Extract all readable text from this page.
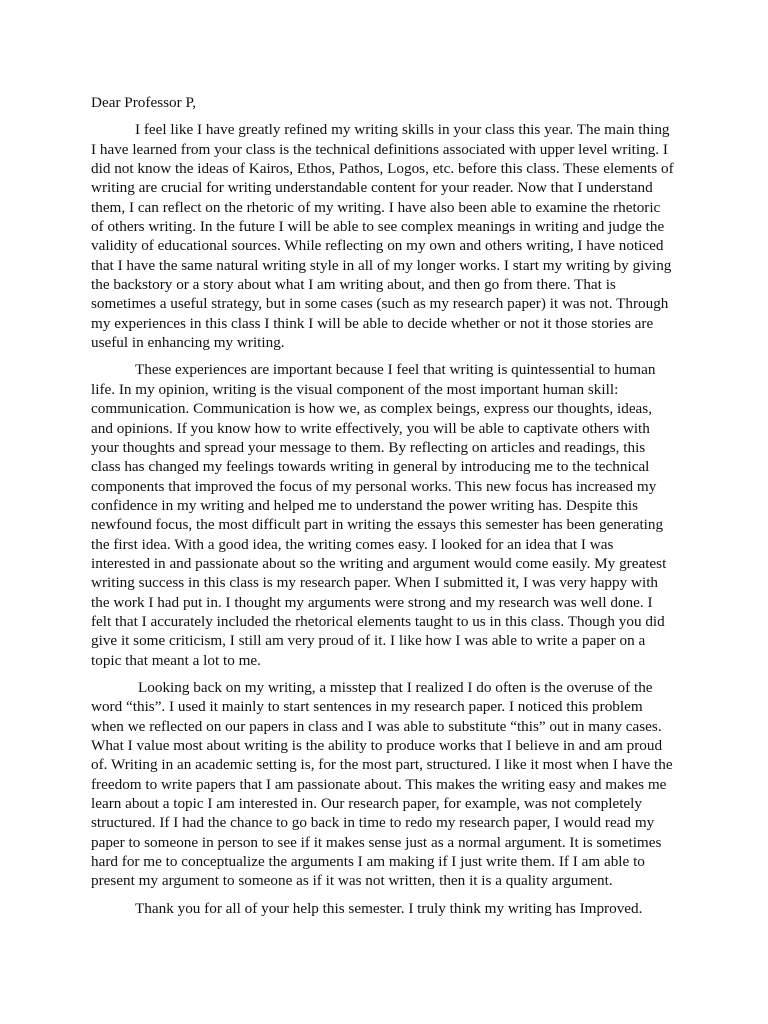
Dear Professor P,

I feel like I have greatly refined my writing skills in your class this year. The main thing I have learned from your class is the technical definitions associated with upper level writing. I did not know the ideas of Kairos, Ethos, Pathos, Logos, etc. before this class. These elements of writing are crucial for writing understandable content for your reader. Now that I understand them, I can reflect on the rhetoric of my writing. I have also been able to examine the rhetoric of others writing. In the future I will be able to see complex meanings in writing and judge the validity of educational sources. While reflecting on my own and others writing, I have noticed that I have the same natural writing style in all of my longer works. I start my writing by giving the backstory or a story about what I am writing about, and then go from there. That is sometimes a useful strategy, but in some cases (such as my research paper) it was not. Through my experiences in this class I think I will be able to decide whether or not it those stories are useful in enhancing my writing.

These experiences are important because I feel that writing is quintessential to human life. In my opinion, writing is the visual component of the most important human skill: communication. Communication is how we, as complex beings, express our thoughts, ideas, and opinions. If you know how to write effectively, you will be able to captivate others with your thoughts and spread your message to them. By reflecting on articles and readings, this class has changed my feelings towards writing in general by introducing me to the technical components that improved the focus of my personal works. This new focus has increased my confidence in my writing and helped me to understand the power writing has. Despite this newfound focus, the most difficult part in writing the essays this semester has been generating the first idea. With a good idea, the writing comes easy. I looked for an idea that I was interested in and passionate about so the writing and argument would come easily. My greatest writing success in this class is my research paper. When I submitted it, I was very happy with the work I had put in. I thought my arguments were strong and my research was well done. I felt that I accurately included the rhetorical elements taught to us in this class. Though you did give it some criticism, I still am very proud of it. I like how I was able to write a paper on a topic that meant a lot to me.

Looking back on my writing, a misstep that I realized I do often is the overuse of the word “this”. I used it mainly to start sentences in my research paper. I noticed this problem when we reflected on our papers in class and I was able to substitute “this” out in many cases. What I value most about writing is the ability to produce works that I believe in and am proud of. Writing in an academic setting is, for the most part, structured. I like it most when I have the freedom to write papers that I am passionate about. This makes the writing easy and makes me learn about a topic I am interested in. Our research paper, for example, was not completely structured. If I had the chance to go back in time to redo my research paper, I would read my paper to someone in person to see if it makes sense just as a normal argument. It is sometimes hard for me to conceptualize the arguments I am making if I just write them. If I am able to present my argument to someone as if it was not written, then it is a quality argument.

Thank you for all of your help this semester. I truly think my writing has Improved.
